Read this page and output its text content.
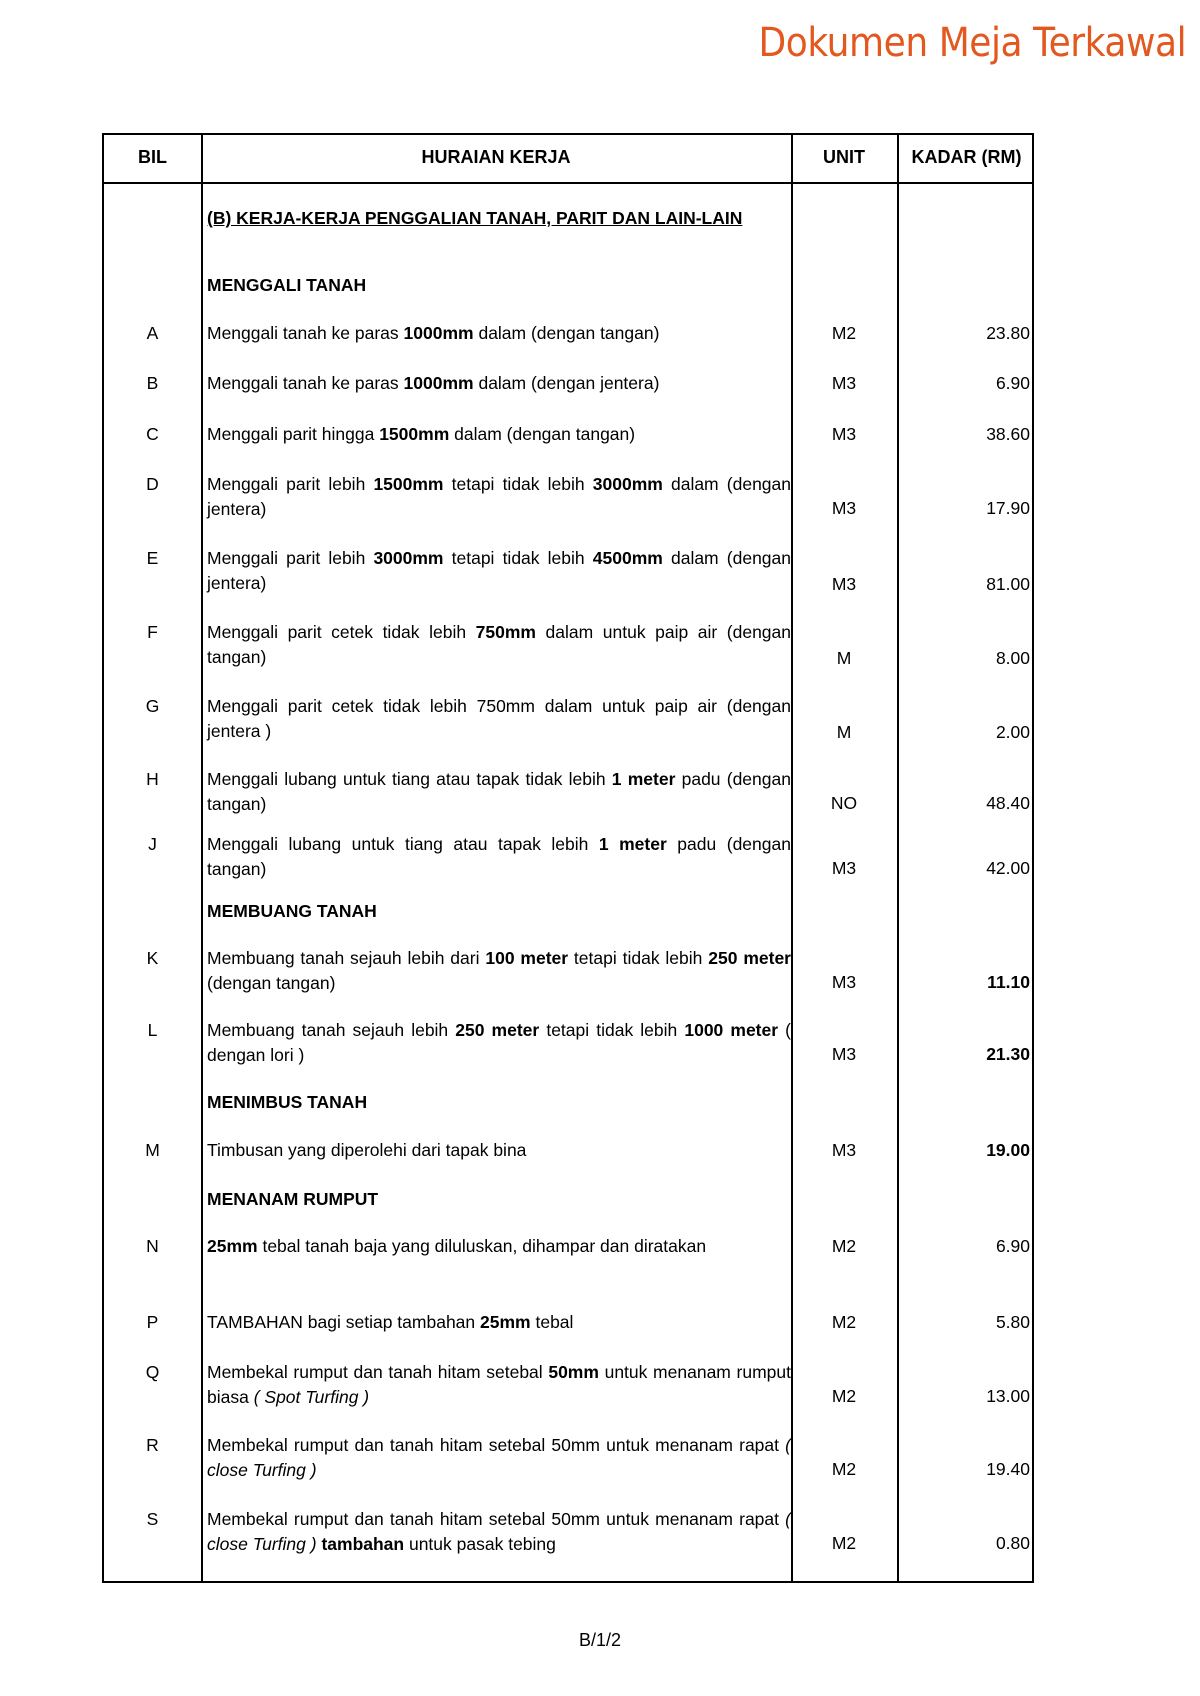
Dokumen Meja Terkawal
BIL	HURAIAN KERJA	UNIT	KADAR (RM)
(B) KERJA-KERJA PENGGALIAN TANAH, PARIT DAN LAIN-LAIN
MENGGALI TANAH
A	Menggali tanah ke paras 1000mm dalam (dengan tangan)	M2	23.80
B	Menggali tanah ke paras 1000mm dalam (dengan jentera)	M3	6.90
C	Menggali parit hingga 1500mm dalam (dengan tangan)	M3	38.60
D	Menggali parit lebih 1500mm tetapi tidak lebih 3000mm dalam (dengan jentera)	M3	17.90
E	Menggali parit lebih 3000mm tetapi tidak lebih 4500mm dalam (dengan jentera)	M3	81.00
F	Menggali parit cetek tidak lebih 750mm dalam untuk paip air (dengan tangan)	M	8.00
G	Menggali parit cetek tidak lebih 750mm dalam untuk paip air (dengan jentera )	M	2.00
H	Menggali lubang untuk tiang atau tapak tidak lebih 1 meter padu (dengan tangan)	NO	48.40
J	Menggali lubang untuk tiang atau tapak lebih 1 meter padu (dengan tangan)	M3	42.00
MEMBUANG TANAH
K	Membuang tanah sejauh lebih dari 100 meter tetapi tidak lebih 250 meter (dengan tangan)	M3	11.10
L	Membuang tanah sejauh lebih 250 meter tetapi tidak lebih 1000 meter ( dengan lori )	M3	21.30
MENIMBUS TANAH
M	Timbusan yang diperolehi dari tapak bina	M3	19.00
MENANAM RUMPUT
N	25mm tebal tanah baja yang diluluskan, dihampar dan diratakan	M2	6.90
P	TAMBAHAN bagi setiap tambahan 25mm tebal	M2	5.80
Q	Membekal rumput dan tanah hitam setebal 50mm untuk menanam rumput biasa ( Spot Turfing )	M2	13.00
R	Membekal rumput dan tanah hitam setebal 50mm untuk menanam rapat ( close Turfing )	M2	19.40
S	Membekal rumput dan tanah hitam setebal 50mm untuk menanam rapat ( close Turfing ) tambahan untuk pasak tebing	M2	0.80
B/1/2
